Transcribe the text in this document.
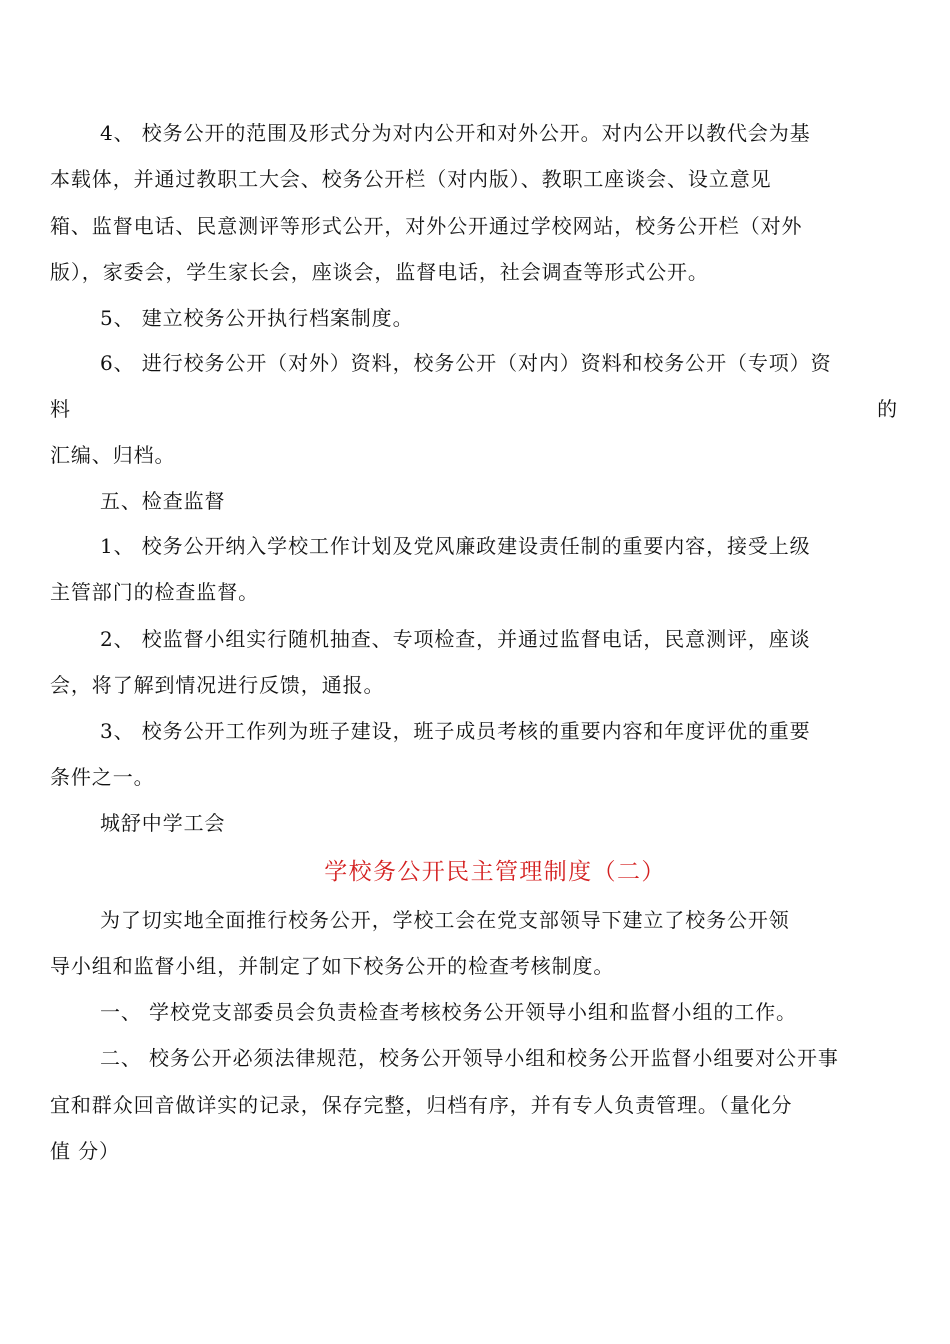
4、 校务公开的范围及形式分为对内公开和对外公开。对内公开以教代会为基
本载体，并通过教职工大会、校务公开栏（对内版）、教职工座谈会、设立意见
箱、监督电话、民意测评等形式公开，对外公开通过学校网站，校务公开栏（对外
版），家委会，学生家长会，座谈会，监督电话，社会调查等形式公开。
5、 建立校务公开执行档案制度。
6、 进行校务公开（对外）资料，校务公开（对内）资料和校务公开（专项）资
料	的
汇编、归档。
五、检查监督
1、 校务公开纳入学校工作计划及党风廉政建设责任制的重要内容，接受上级
主管部门的检查监督。
2、 校监督小组实行随机抽查、专项检查，并通过监督电话，民意测评，座谈
会，将了解到情况进行反馈，通报。
3、 校务公开工作列为班子建设，班子成员考核的重要内容和年度评优的重要
条件之一。
城舒中学工会
学校务公开民主管理制度（二）
为了切实地全面推行校务公开，学校工会在党支部领导下建立了校务公开领
导小组和监督小组，并制定了如下校务公开的检查考核制度。
一、 学校党支部委员会负责检查考核校务公开领导小组和监督小组的工作。
二、 校务公开必须法律规范，校务公开领导小组和校务公开监督小组要对公开事
宜和群众回音做详实的记录，保存完整，归档有序，并有专人负责管理。（量化分
值 分）
